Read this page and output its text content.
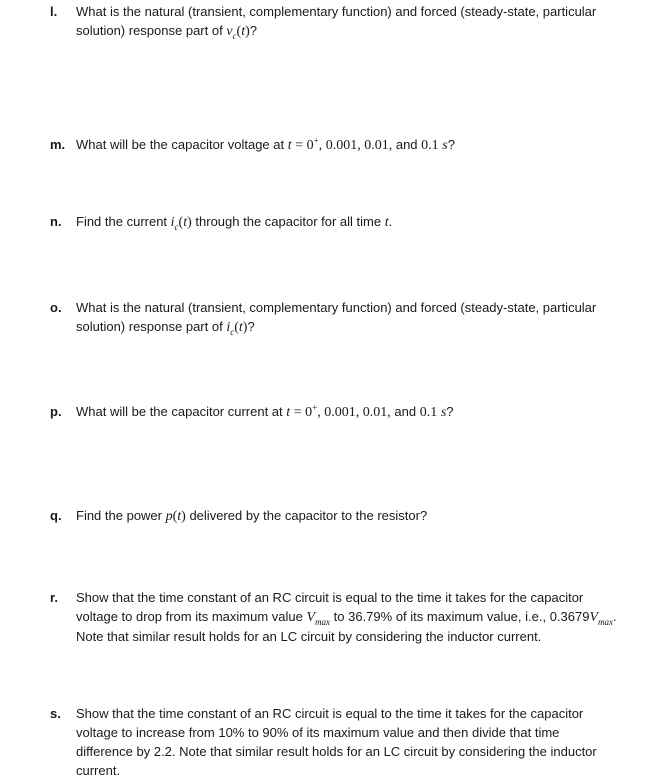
l. What is the natural (transient, complementary function) and forced (steady-state, particular
solution) response part of $v_c(t)$?
m. What will be the capacitor voltage at t = 0+, 0.001, 0.01, and 0.1 s?
n. Find the current $i_c(t)$ through the capacitor for all time t.
o. What is the natural (transient, complementary function) and forced (steady-state, particular
solution) response part of $i_c(t)$?
p. What will be the capacitor current at t = 0+, 0.001, 0.01, and 0.1 s?
q. Find the power p(t) delivered by the capacitor to the resistor?
r. Show that the time constant of an RC circuit is equal to the time it takes for the capacitor
voltage to drop from its maximum value $V_{max}$ to 36.79% of its maximum value, i.e., $0.3679V_{max}$.
Note that similar result holds for an LC circuit by considering the inductor current.
s. Show that the time constant of an RC circuit is equal to the time it takes for the capacitor
voltage to increase from 10% to 90% of its maximum value and then divide that time
difference by 2.2. Note that similar result holds for an LC circuit by considering the inductor
current.
